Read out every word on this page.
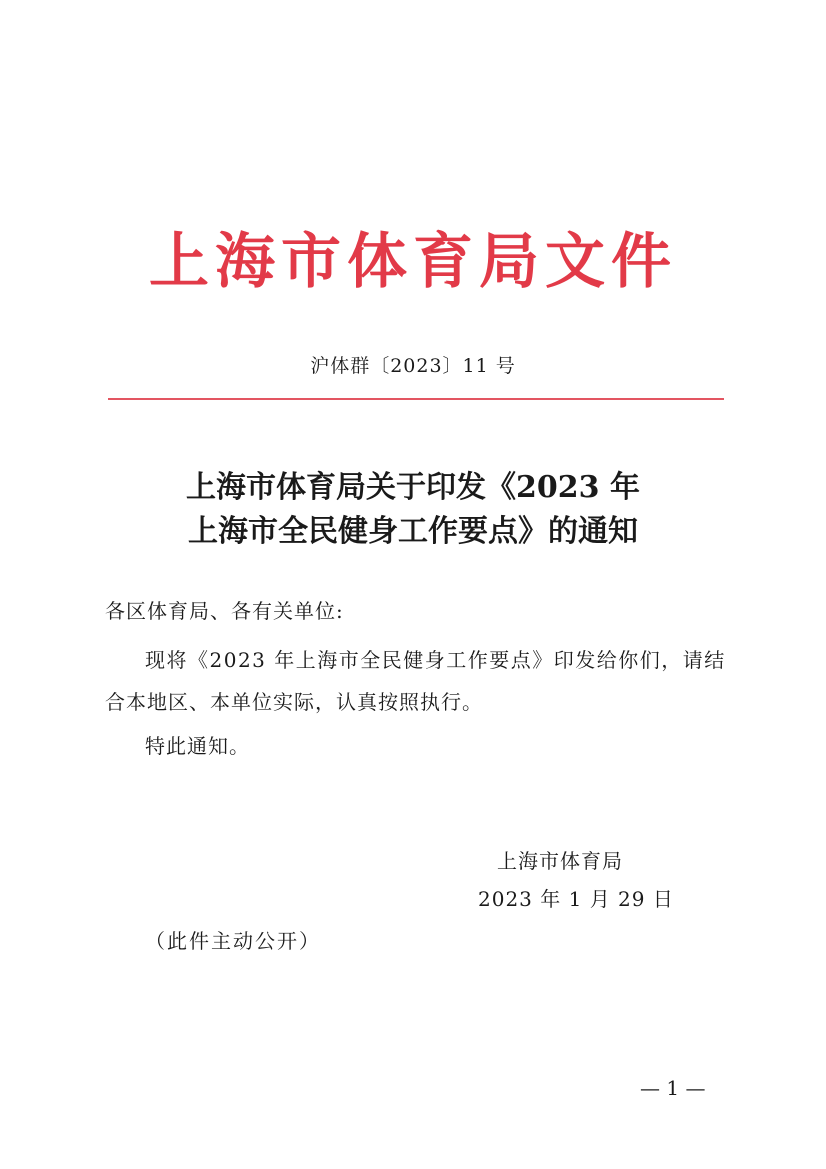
上海市体育局文件
沪体群〔2023〕11 号
上海市体育局关于印发《2023 年
上海市全民健身工作要点》的通知
各区体育局、各有关单位:
现将《2023 年上海市全民健身工作要点》印发给你们，请结
合本地区、本单位实际，认真按照执行。
特此通知。
上海市体育局
2023 年 1 月 29 日
（此件主动公开）
— 1 —
